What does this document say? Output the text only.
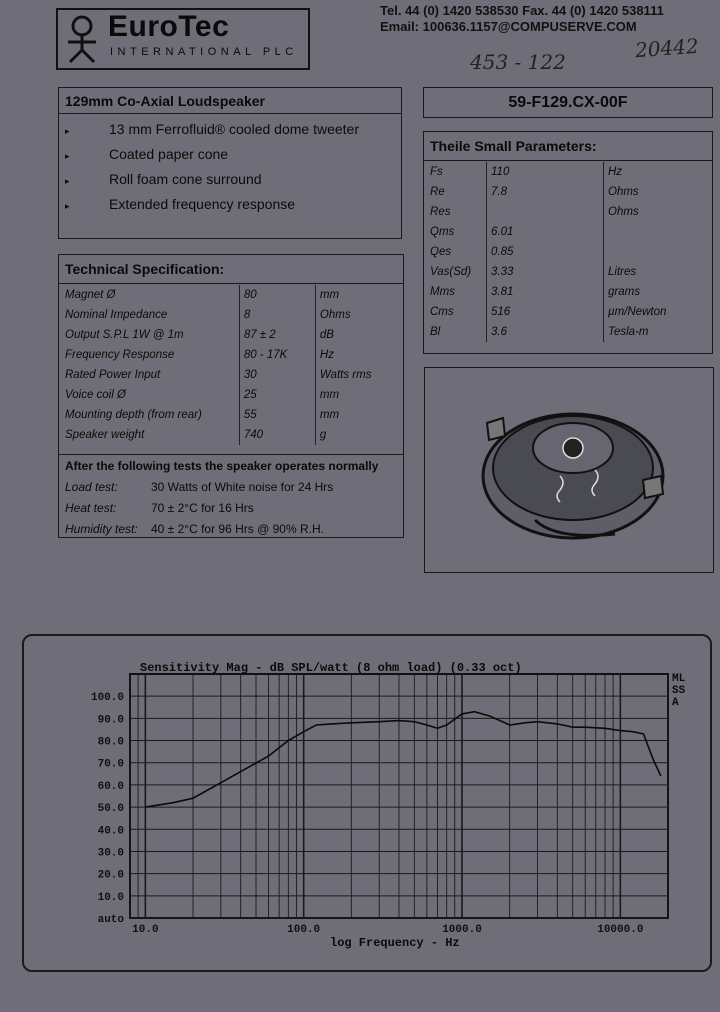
EuroTec
INTERNATIONAL PLC
Tel. 44 (0) 1420 538530 Fax. 44 (0) 1420 538111
Email: 100636.1157@COMPUSERVE.COM
453 - 122	20442
129mm Co-Axial Loudspeaker
▸	13 mm Ferrofluid® cooled dome tweeter
▸	Coated paper cone
▸	Roll foam cone surround
▸	Extended frequency response
59-F129.CX-00F
Technical Specification:
Magnet Ø	80	mm
Nominal Impedance	8	Ohms
Output S.P.L 1W @ 1m	87 ± 2	dB
Frequency Response	80 - 17K	Hz
Rated Power Input	30	Watts rms
Voice coil Ø	25	mm
Mounting depth (from rear)	55	mm
Speaker weight	740	g
After the following tests the speaker operates normally
Load test:	30 Watts of White noise for 24 Hrs
Heat test:	70 ± 2°C for 16 Hrs
Humidity test: 40 ± 2°C for 96 Hrs @ 90% R.H.
Theile Small Parameters:
Fs	110	Hz
Re	7.8	Ohms
Res		Ohms
Qms	6.01	
Qes	0.85	
Vas(Sd)	3.33	Litres
Mms	3.81	grams
Cms	516	µm/Newton
Bl	3.6	Tesla-m
Sensitivity Mag - dB SPL/watt (8 ohm load) (0.33 oct)
MLSSA
log Frequency - Hz
100.0
90.0
80.0
70.0
60.0
50.0
40.0
30.0
20.0
10.0
auto
10.0	100.0	1000.0	10000.0
